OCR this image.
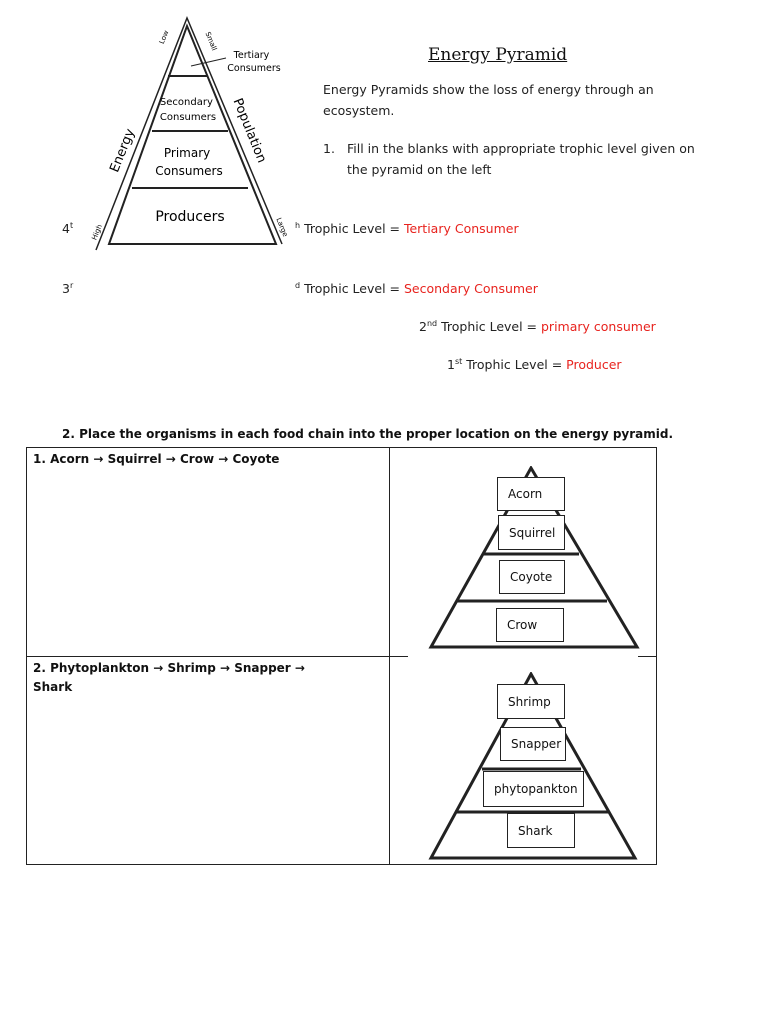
Tertiary Consumers
Secondary Consumers
Primary Consumers
Producers
Energy	Population
Low
High
Small
Large
Energy Pyramid
Energy Pyramids show the loss of energy through an ecosystem.
1. Fill in the blanks with appropriate trophic level given on the pyramid on the left
4$^t$	$^h$ Trophic Level = Tertiary Consumer
3$^r$	$^d$ Trophic Level = Secondary Consumer
2nd Trophic Level = primary consumer
1st Trophic Level = Producer
2. Place the organisms in each food chain into the proper location on the energy pyramid.
1. Acorn → Squirrel → Crow → Coyote
2. Phytoplankton → Shrimp → Snapper → Shark
Acorn
Squirrel
Coyote
Crow
Shrimp
Snapper
phytopankton
Shark
